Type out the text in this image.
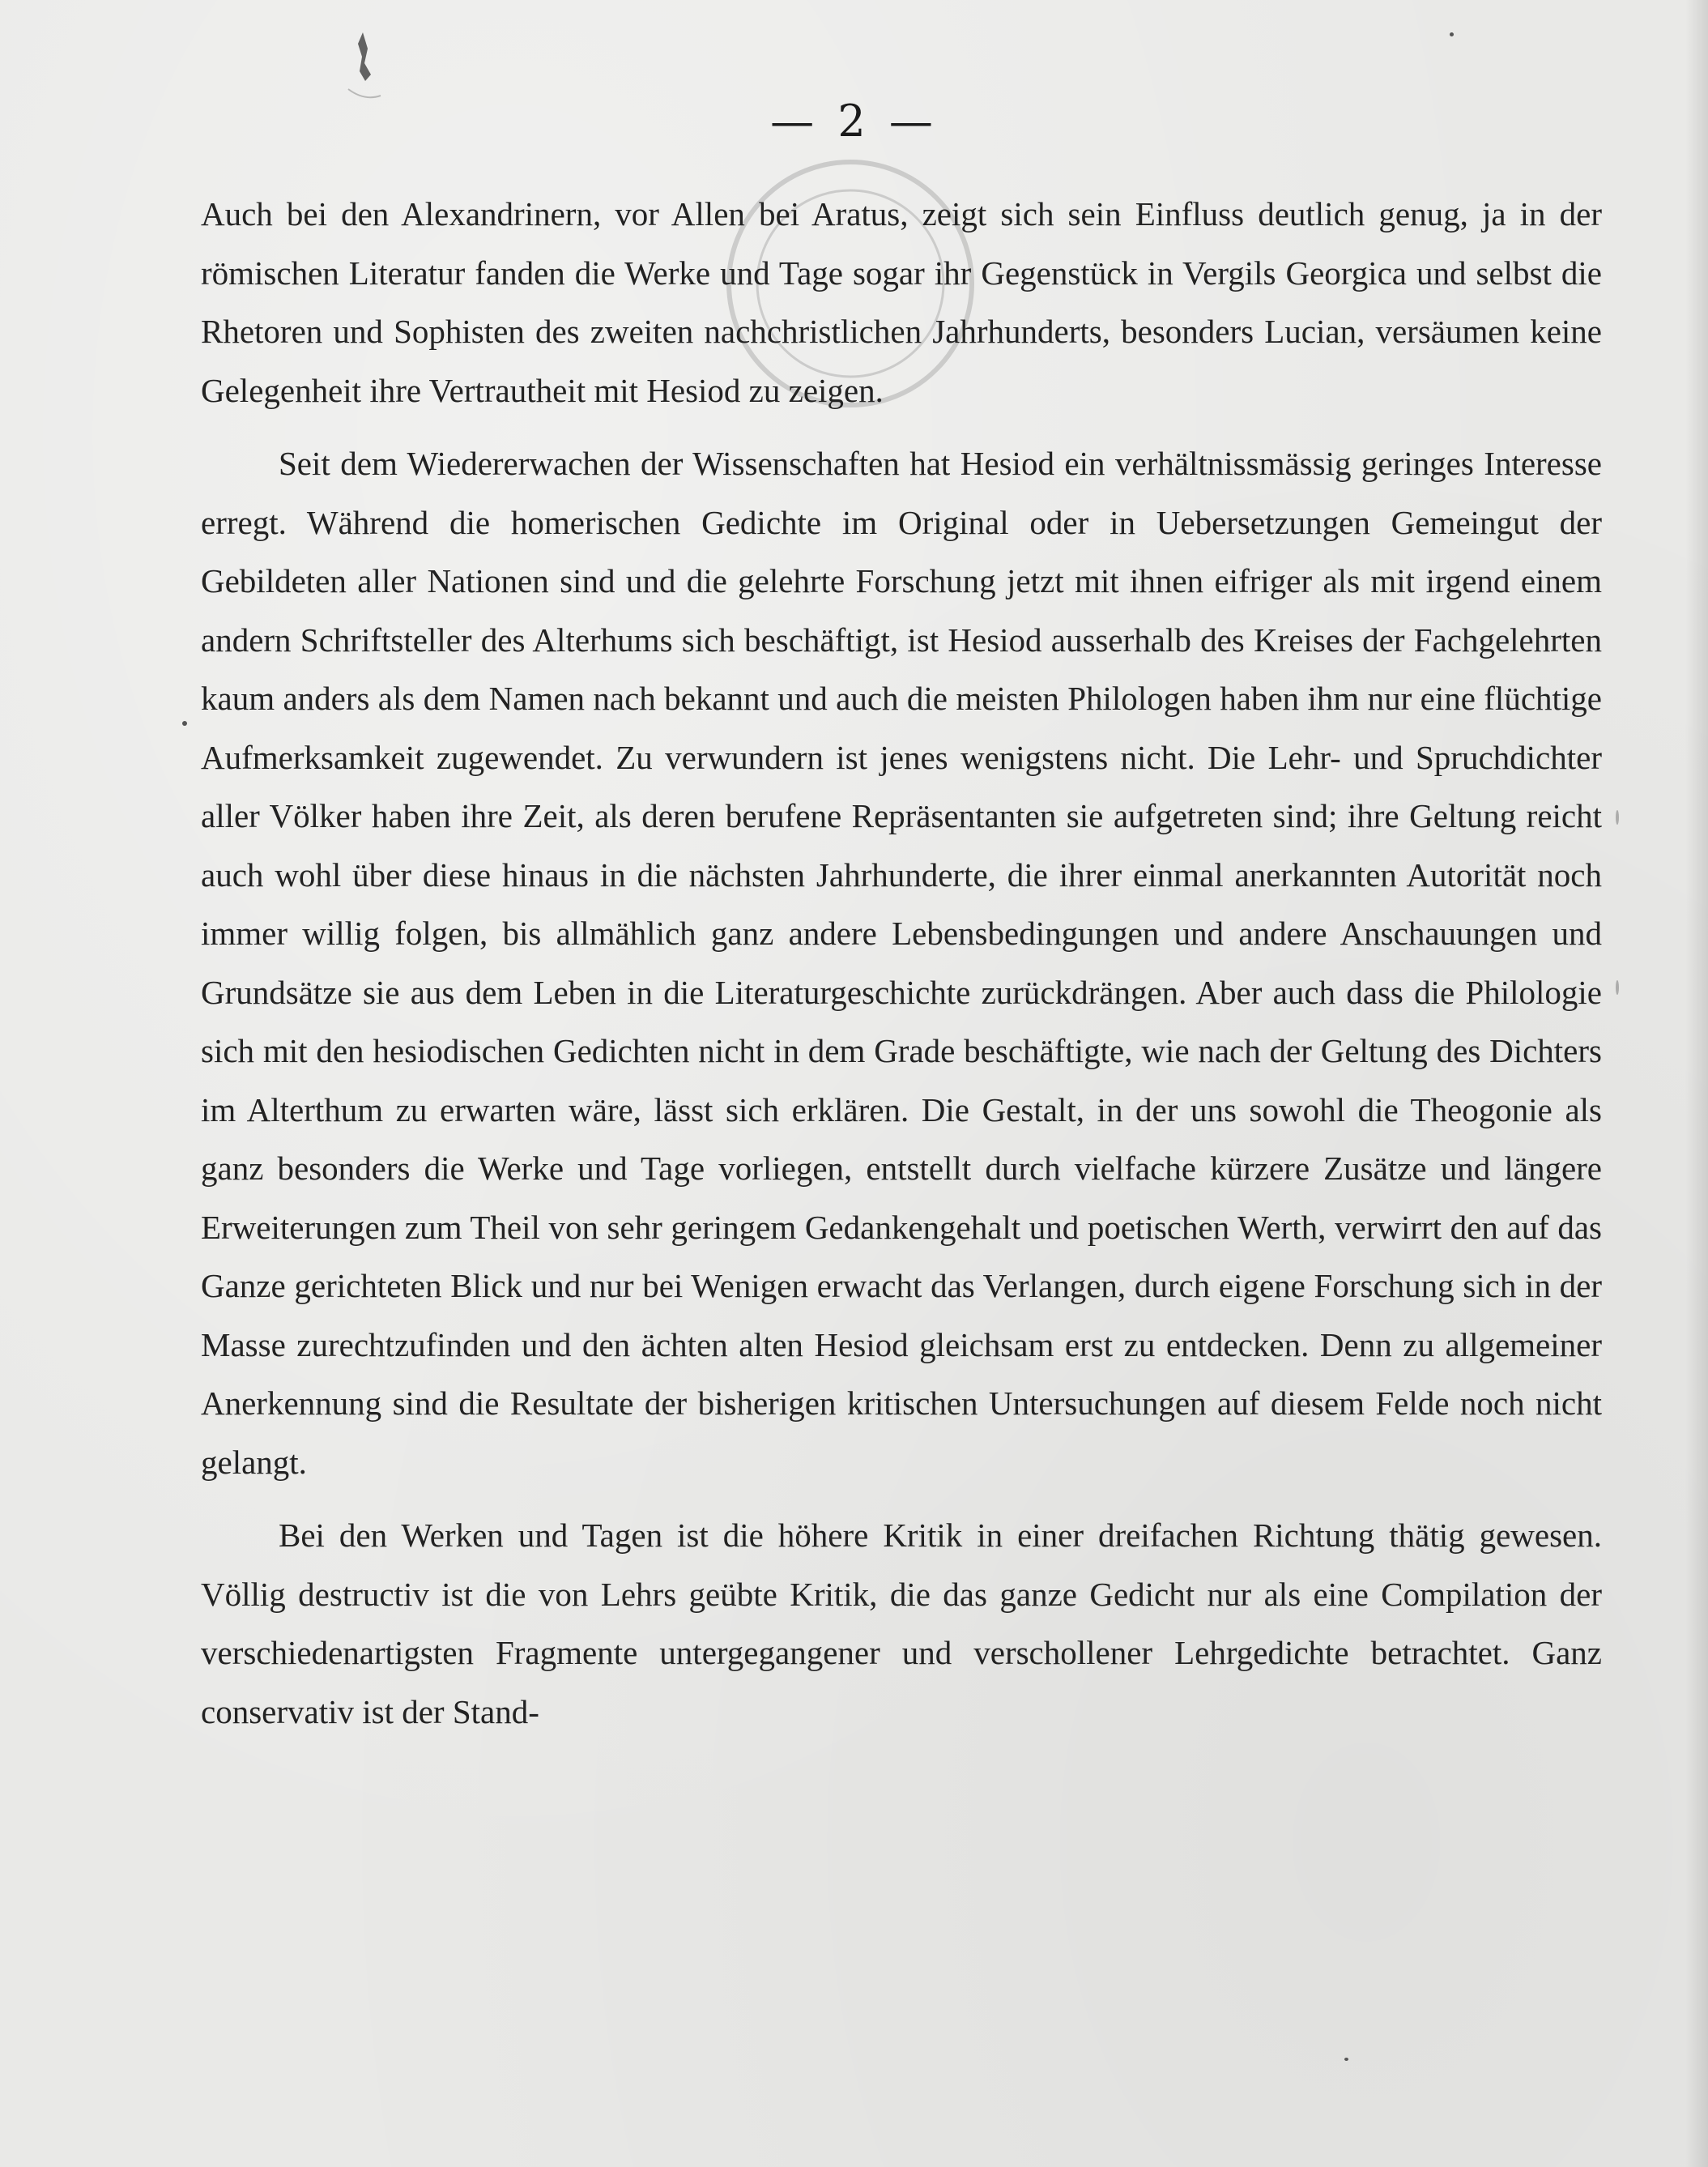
— 2 —

Auch bei den Alexandrinern, vor Allen bei Aratus, zeigt sich sein Einfluss deutlich genug, ja in der römischen Literatur fanden die Werke und Tage sogar ihr Gegenstück in Vergils Georgica und selbst die Rhetoren und Sophisten des zweiten nachchristlichen Jahrhunderts, besonders Lucian, versäumen keine Gelegenheit ihre Vertrautheit mit Hesiod zu zeigen.

Seit dem Wiedererwachen der Wissenschaften hat Hesiod ein verhältnissmässig geringes Interesse erregt. Während die homerischen Gedichte im Original oder in Uebersetzungen Gemeingut der Gebildeten aller Nationen sind und die gelehrte Forschung jetzt mit ihnen eifriger als mit irgend einem andern Schriftsteller des Alterhums sich beschäftigt, ist Hesiod ausserhalb des Kreises der Fachgelehrten kaum anders als dem Namen nach bekannt und auch die meisten Philologen haben ihm nur eine flüchtige Aufmerksamkeit zugewendet. Zu verwundern ist jenes wenigstens nicht. Die Lehr- und Spruchdichter aller Völker haben ihre Zeit, als deren berufene Repräsentanten sie aufgetreten sind; ihre Geltung reicht auch wohl über diese hinaus in die nächsten Jahrhunderte, die ihrer einmal anerkannten Autorität noch immer willig folgen, bis allmählich ganz andere Lebensbedingungen und andere Anschauungen und Grundsätze sie aus dem Leben in die Literaturgeschichte zurückdrängen. Aber auch dass die Philologie sich mit den hesiodischen Gedichten nicht in dem Grade beschäftigte, wie nach der Geltung des Dichters im Alterthum zu erwarten wäre, lässt sich erklären. Die Gestalt, in der uns sowohl die Theogonie als ganz besonders die Werke und Tage vorliegen, entstellt durch vielfache kürzere Zusätze und längere Erweiterungen zum Theil von sehr geringem Gedankengehalt und poetischen Werth, verwirrt den auf das Ganze gerichteten Blick und nur bei Wenigen erwacht das Verlangen, durch eigene Forschung sich in der Masse zurechtzufinden und den ächten alten Hesiod gleichsam erst zu entdecken. Denn zu allgemeiner Anerkennung sind die Resultate der bisherigen kritischen Untersuchungen auf diesem Felde noch nicht gelangt.

Bei den Werken und Tagen ist die höhere Kritik in einer dreifachen Richtung thätig gewesen. Völlig destructiv ist die von Lehrs geübte Kritik, die das ganze Gedicht nur als eine Compilation der verschiedenartigsten Fragmente untergegangener und verschollener Lehrgedichte betrachtet. Ganz conservativ ist der Stand-
